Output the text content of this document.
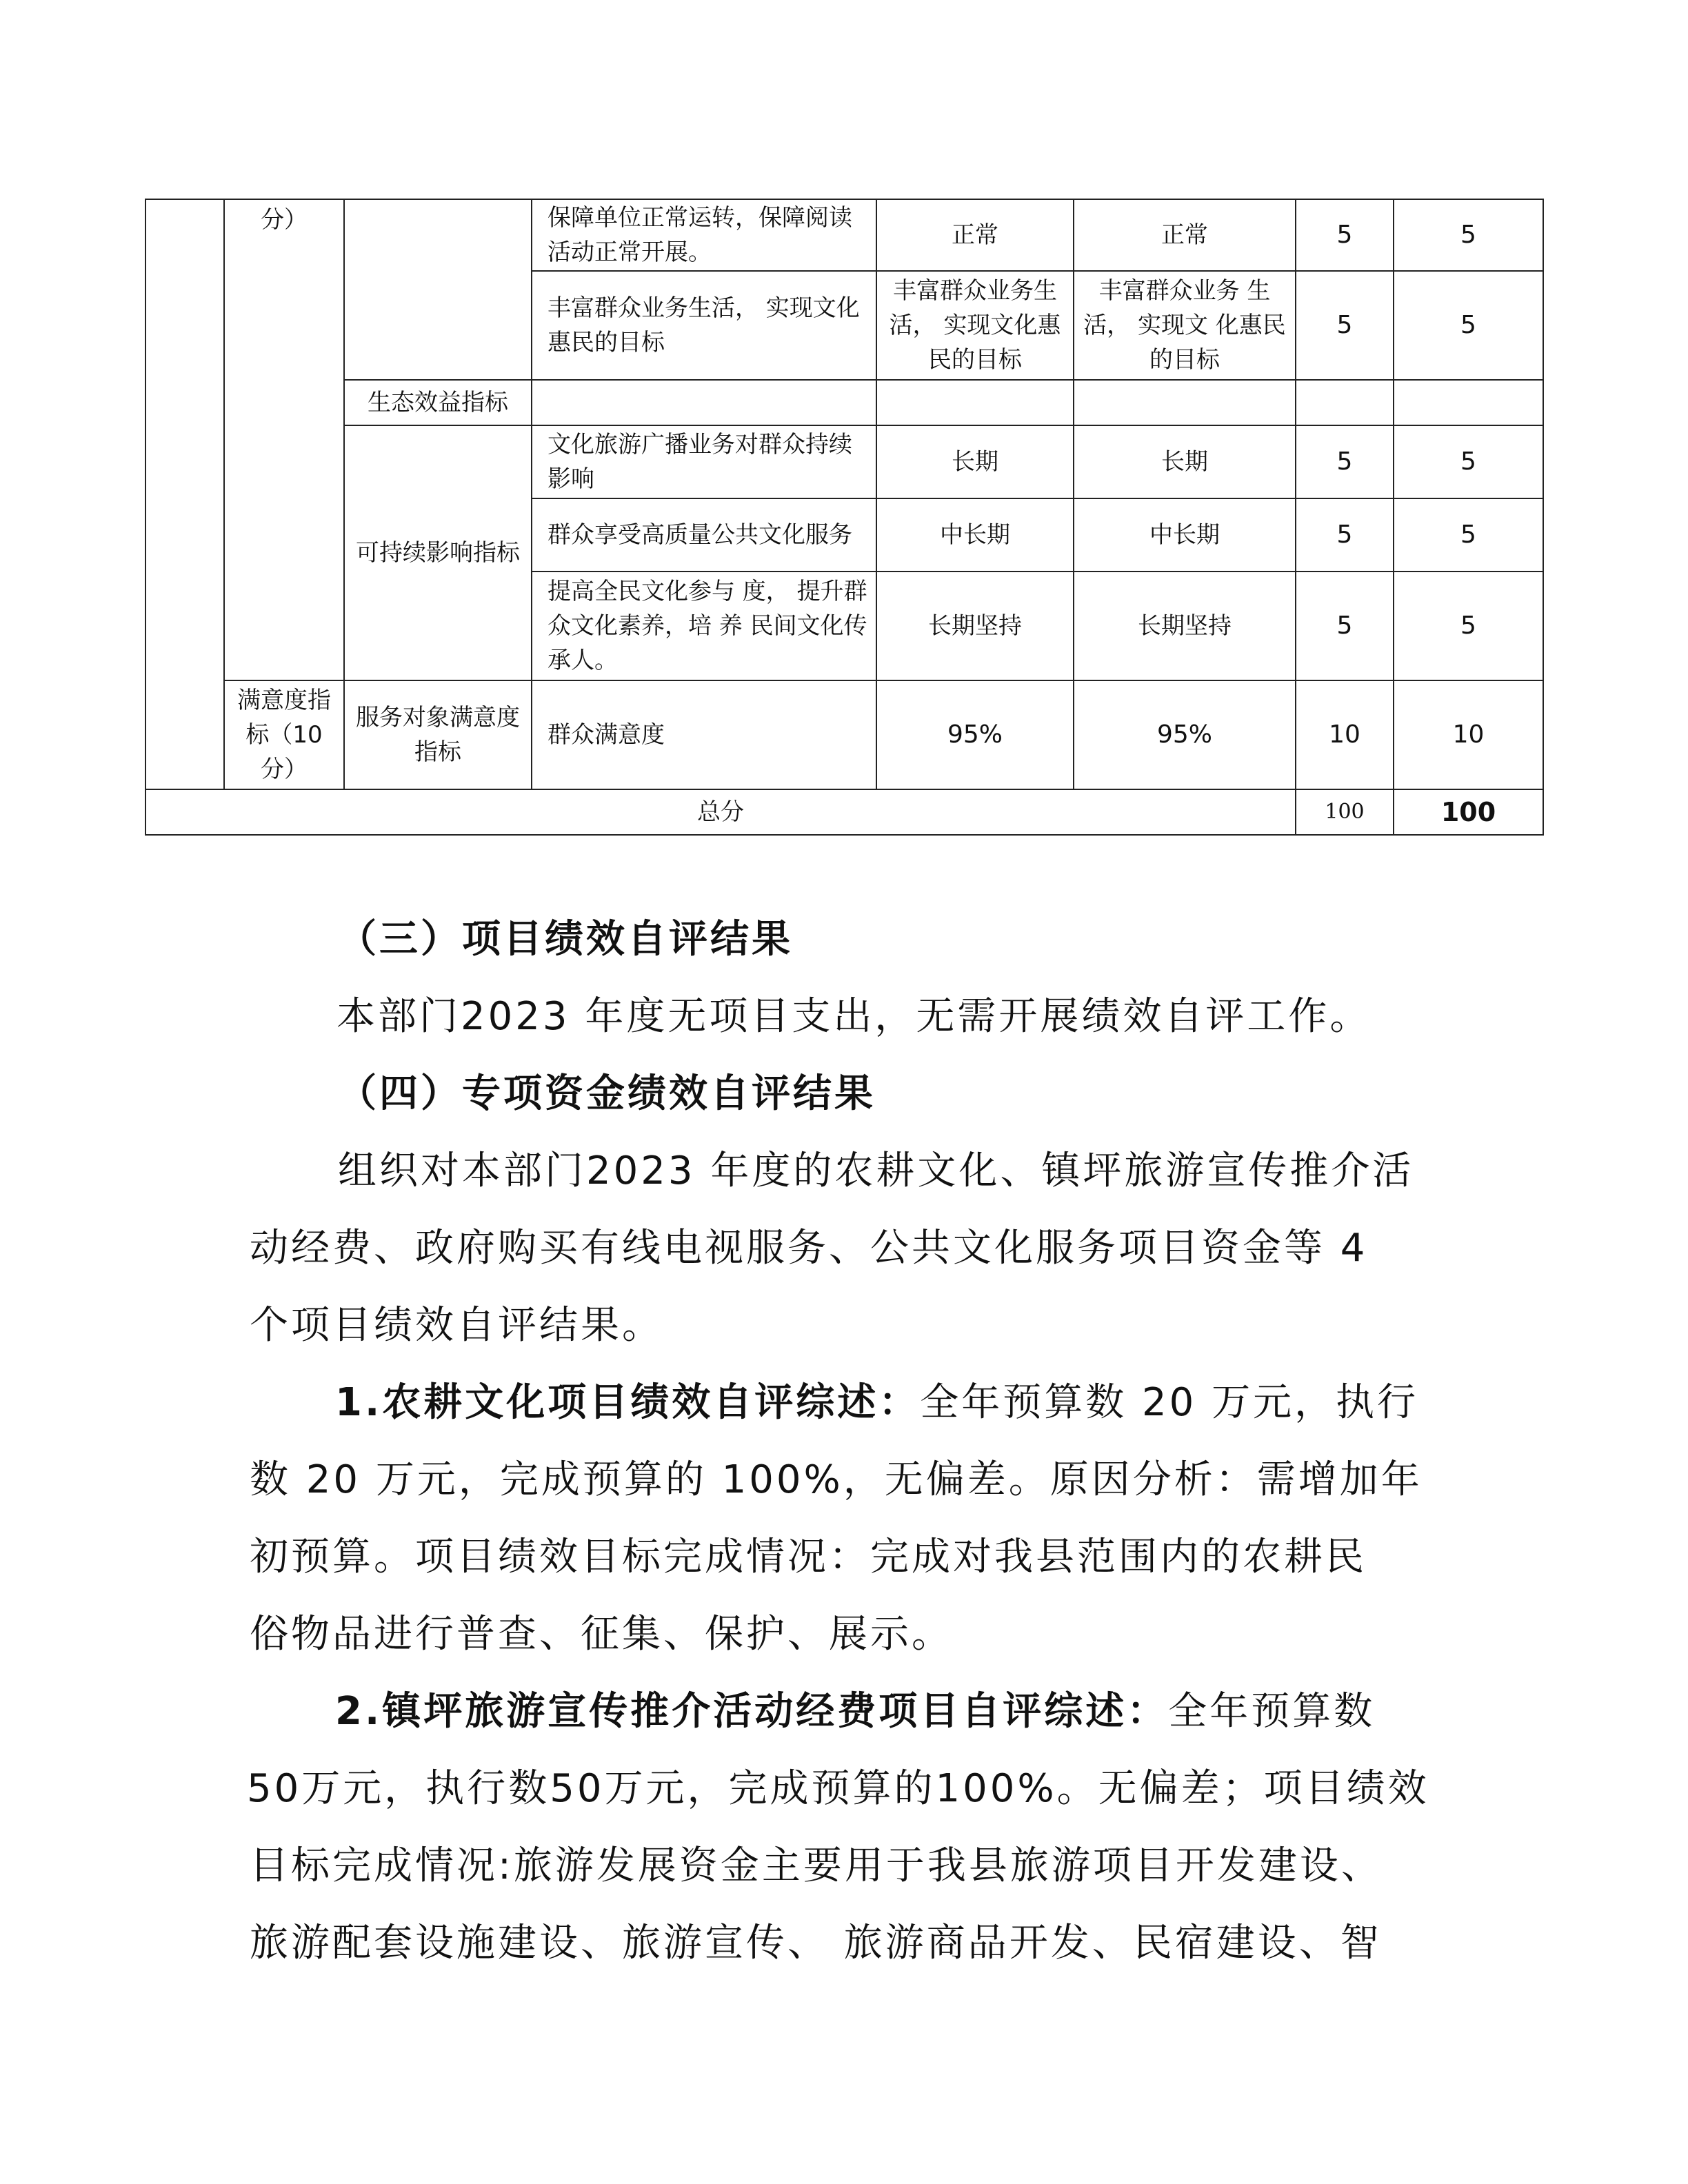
	分）		保障单位正常运转，保障阅读活动正常开展。	正常	正常	5	5
			丰富群众业务生活， 实现文化惠民的目标	丰富群众业务生活， 实现文化惠民的目标	丰富群众业务 生活， 实现文 化惠民的目标	5	5
		生态效益指标					
		可持续影响指标	文化旅游广播业务对群众持续影响	长期	长期	5	5
			群众享受高质量公共文化服务	中长期	中长期	5	5
			提高全民文化参与 度， 提升群众文化素养，培 养 民间文化传承人。	长期坚持	长期坚持	5	5
	满意度指标（10分）	服务对象满意度指标	群众满意度	95%	95%	10	10
总分						100	100

（三）项目绩效自评结果

本部门2023 年度无项目支出，无需开展绩效自评工作。

（四）专项资金绩效自评结果

组织对本部门2023 年度的农耕文化、镇坪旅游宣传推介活

动经费、政府购买有线电视服务、公共文化服务项目资金等 4

个项目绩效自评结果。

1.农耕文化项目绩效自评综述：全年预算数 20 万元，执行

数 20 万元，完成预算的 100%，无偏差。原因分析：需增加年

初预算。项目绩效目标完成情况：完成对我县范围内的农耕民

俗物品进行普查、征集、保护、展示。

2.镇坪旅游宣传推介活动经费项目自评综述：全年预算数

50万元，执行数50万元，完成预算的100%。无偏差；项目绩效

目标完成情况:旅游发展资金主要用于我县旅游项目开发建设、

旅游配套设施建设、旅游宣传、 旅游商品开发、民宿建设、智
